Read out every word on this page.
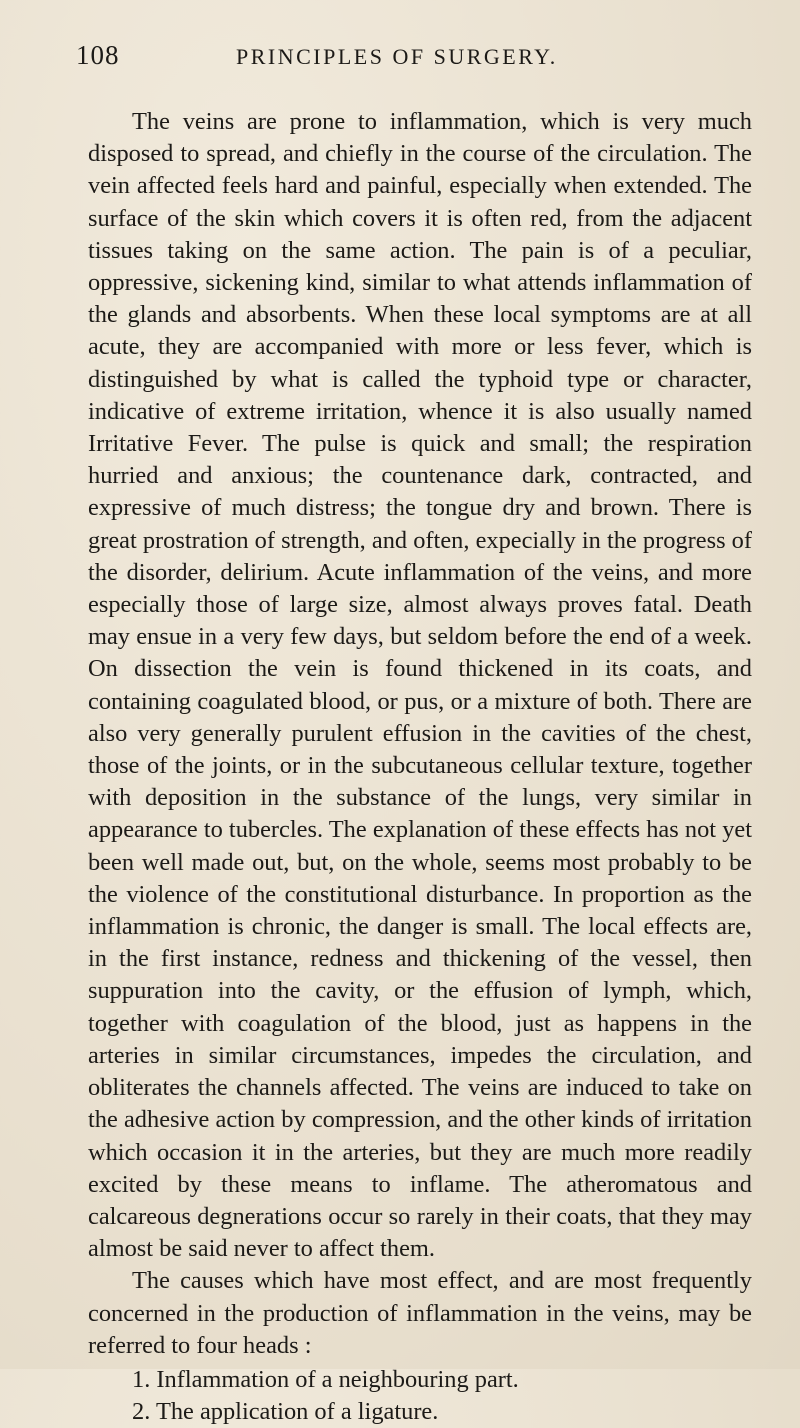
108	PRINCIPLES OF SURGERY.

The veins are prone to inflammation, which is very much disposed to spread, and chiefly in the course of the circulation. The vein affected feels hard and painful, especially when extended. The surface of the skin which covers it is often red, from the adjacent tissues taking on the same action. The pain is of a peculiar, oppressive, sickening kind, similar to what attends inflammation of the glands and absorbents. When these local symptoms are at all acute, they are accompanied with more or less fever, which is distinguished by what is called the typhoid type or character, indicative of extreme irritation, whence it is also usually named Irritative Fever. The pulse is quick and small; the respiration hurried and anxious; the countenance dark, contracted, and expressive of much distress; the tongue dry and brown. There is great prostration of strength, and often, expecially in the progress of the disorder, delirium. Acute inflammation of the veins, and more especially those of large size, almost always proves fatal. Death may ensue in a very few days, but seldom before the end of a week. On dissection the vein is found thickened in its coats, and containing coagulated blood, or pus, or a mixture of both. There are also very generally purulent effusion in the cavities of the chest, those of the joints, or in the subcutaneous cellular texture, together with deposition in the substance of the lungs, very similar in appearance to tubercles. The explanation of these effects has not yet been well made out, but, on the whole, seems most probably to be the violence of the constitutional disturbance. In proportion as the inflammation is chronic, the danger is small. The local effects are, in the first instance, redness and thickening of the vessel, then suppuration into the cavity, or the effusion of lymph, which, together with coagulation of the blood, just as happens in the arteries in similar circumstances, impedes the circulation, and obliterates the channels affected. The veins are induced to take on the adhesive action by compression, and the other kinds of irritation which occasion it in the arteries, but they are much more readily excited by these means to inflame. The atheromatous and calcareous degnerations occur so rarely in their coats, that they may almost be said never to affect them.

The causes which have most effect, and are most frequently concerned in the production of inflammation in the veins, may be referred to four heads :

1. Inflammation of a neighbouring part.
2. The application of a ligature.
